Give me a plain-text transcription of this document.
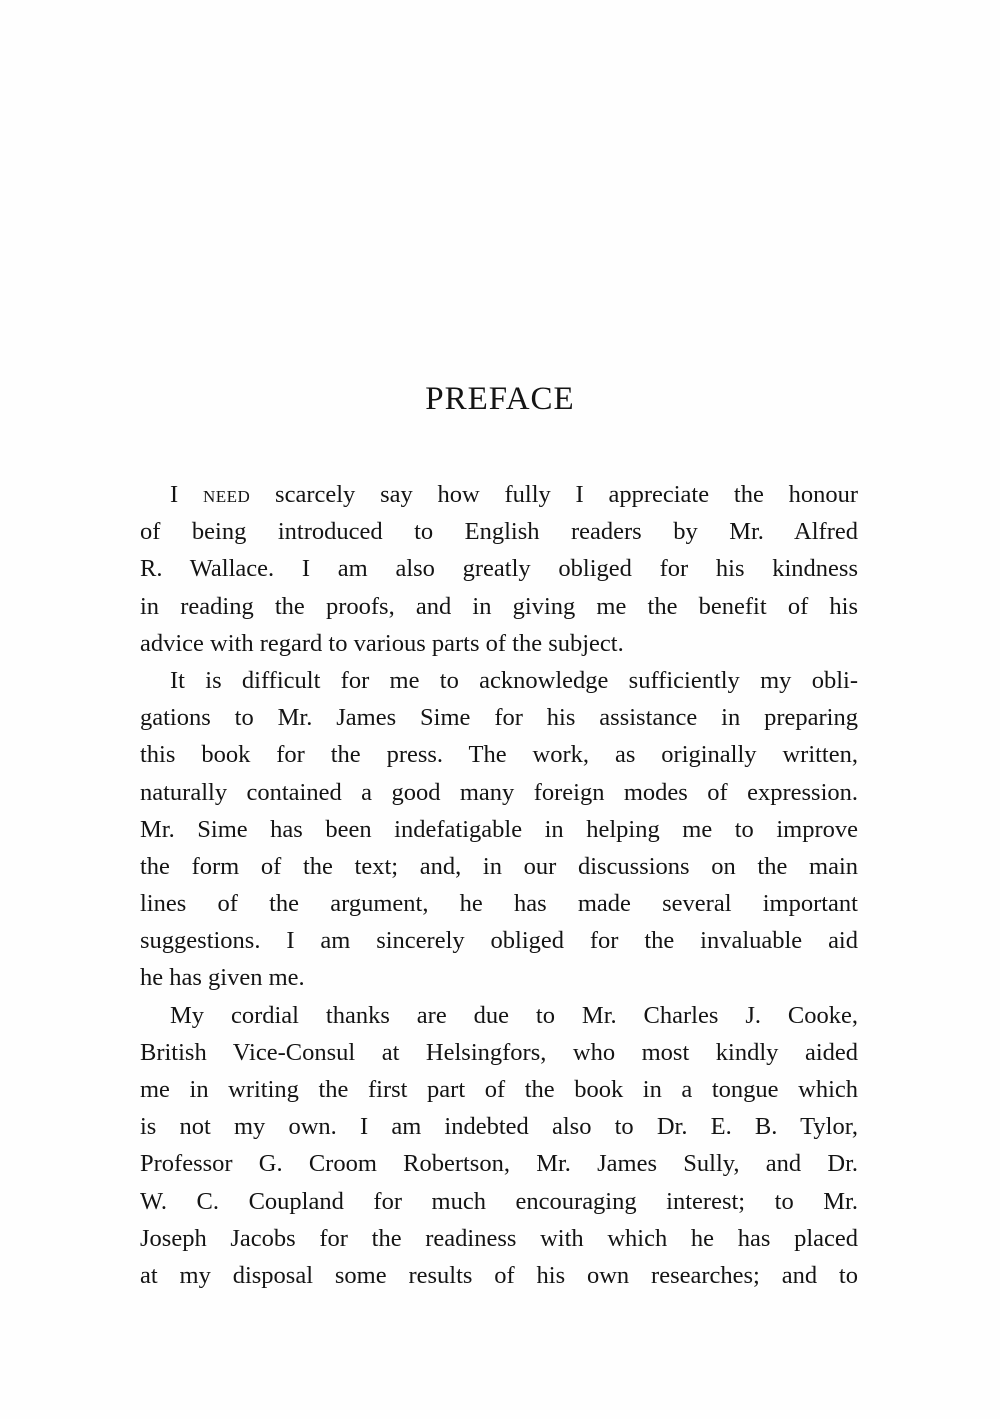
PREFACE
I need scarcely say how fully I appreciate the honour
of being introduced to English readers by Mr. Alfred
R. Wallace. I am also greatly obliged for his kindness
in reading the proofs, and in giving me the benefit of his
advice with regard to various parts of the subject.
It is difficult for me to acknowledge sufficiently my obli-
gations to Mr. James Sime for his assistance in preparing
this book for the press. The work, as originally written,
naturally contained a good many foreign modes of expression.
Mr. Sime has been indefatigable in helping me to improve
the form of the text; and, in our discussions on the main
lines of the argument, he has made several important
suggestions. I am sincerely obliged for the invaluable aid
he has given me.
My cordial thanks are due to Mr. Charles J. Cooke,
British Vice-Consul at Helsingfors, who most kindly aided
me in writing the first part of the book in a tongue which
is not my own. I am indebted also to Dr. E. B. Tylor,
Professor G. Croom Robertson, Mr. James Sully, and Dr.
W. C. Coupland for much encouraging interest; to Mr.
Joseph Jacobs for the readiness with which he has placed
at my disposal some results of his own researches; and to
